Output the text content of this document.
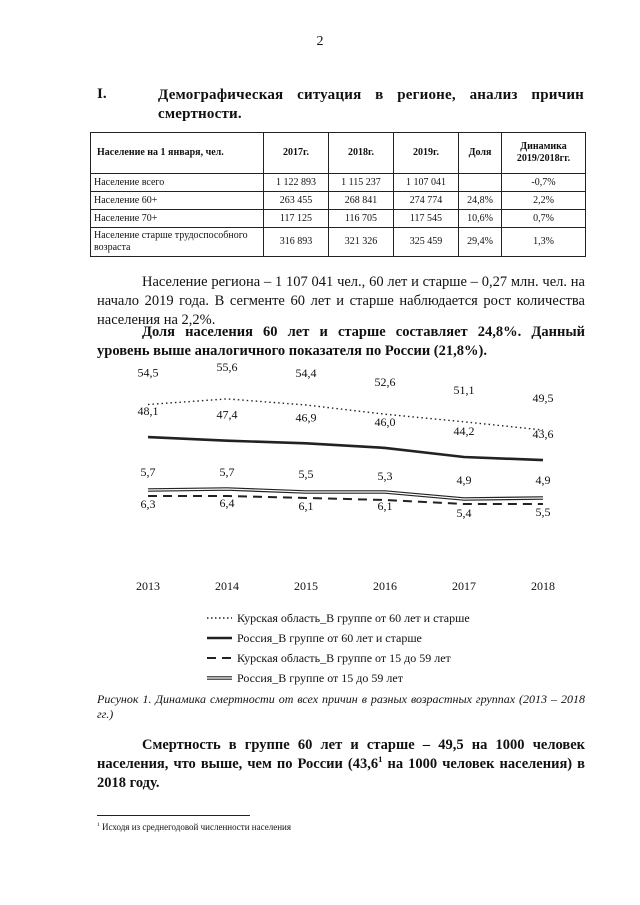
2
I.	Демографическая ситуация в регионе, анализ причин смертности.
Население на 1 января, чел.	2017г.	2018г.	2019г.	Доля	Динамика 2019/2018гг.
Население всего	1 122 893	1 115 237	1 107 041		-0,7%
Население 60+	263 455	268 841	274 774	24,8%	2,2%
Население 70+	117 125	116 705	117 545	10,6%	0,7%
Население старше трудоспособного возраста	316 893	321 326	325 459	29,4%	1,3%
Население региона – 1 107 041 чел., 60 лет и старше – 0,27 млн. чел. на начало 2019 года. В сегменте 60 лет и старше наблюдается рост количества населения на 2,2%.
Доля населения 60 лет и старше составляет 24,8%. Данный уровень выше аналогичного показателя по России (21,8%).
54,5	55,6	54,4
52,6
51,1
49,5
48,1	47,4	46,9	46,0
44,2	43,6
5,7	5,7	5,5	5,3	4,9	4,9
6,3	6,4	6,1	6,1	5,4	5,5
2013	2014	2015	2016	2017	2018
Курская область_В группе от 60 лет и старше
Россия_В группе от 60 лет и старше
Курская область_В группе от 15 до 59 лет
Россия_В группе от 15 до 59 лет
Рисунок 1. Динамика смертности от всех причин в разных возрастных группах (2013 – 2018 гг.)
Смертность в группе 60 лет и старше – 49,5 на 1000 человек населения, что выше, чем по России (43,6$^1$ на 1000 человек населения) в 2018 году.
$^1$ Исходя из среднегодовой численности населения
